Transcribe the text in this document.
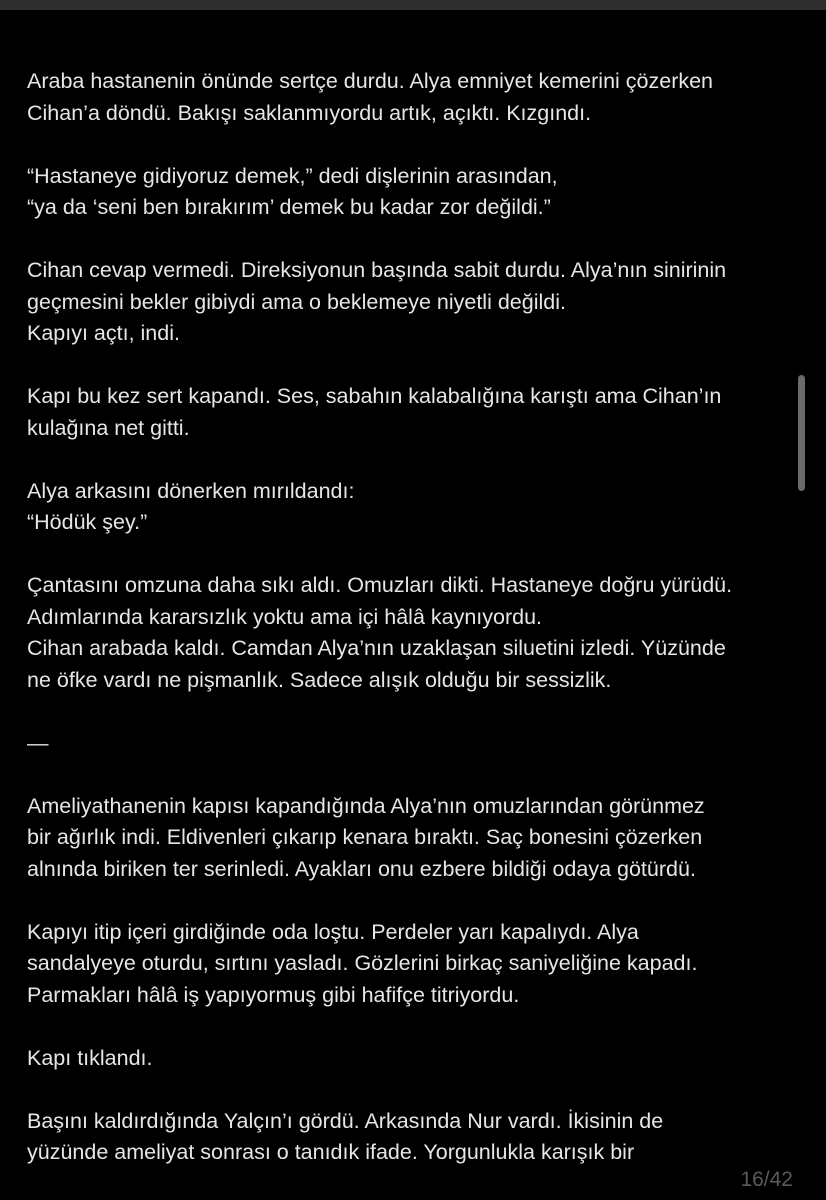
Araba hastanenin önünde sertçe durdu. Alya emniyet kemerini çözerken
Cihan’a döndü. Bakışı saklanmıyordu artık, açıktı. Kızgındı.

“Hastaneye gidiyoruz demek,” dedi dişlerinin arasından,
“ya da ‘seni ben bırakırım’ demek bu kadar zor değildi.”

Cihan cevap vermedi. Direksiyonun başında sabit durdu. Alya’nın sinirinin
geçmesini bekler gibiydi ama o beklemeye niyetli değildi.
Kapıyı açtı, indi.

Kapı bu kez sert kapandı. Ses, sabahın kalabalığına karıştı ama Cihan’ın
kulağına net gitti.

Alya arkasını dönerken mırıldandı:
“Hödük şey.”

Çantasını omzuna daha sıkı aldı. Omuzları dikti. Hastaneye doğru yürüdü.
Adımlarında kararsızlık yoktu ama içi hâlâ kaynıyordu.
Cihan arabada kaldı. Camdan Alya’nın uzaklaşan siluetini izledi. Yüzünde
ne öfke vardı ne pişmanlık. Sadece alışık olduğu bir sessizlik.

—

Ameliyathanenin kapısı kapandığında Alya’nın omuzlarından görünmez
bir ağırlık indi. Eldivenleri çıkarıp kenara bıraktı. Saç bonesini çözerken
alnında biriken ter serinledi. Ayakları onu ezbere bildiği odaya götürdü.

Kapıyı itip içeri girdiğinde oda loştu. Perdeler yarı kapalıydı. Alya
sandalyeye oturdu, sırtını yasladı. Gözlerini birkaç saniyeliğine kapadı.
Parmakları hâlâ iş yapıyormuş gibi hafifçe titriyordu.

Kapı tıklandı.

Başını kaldırdığında Yalçın’ı gördü. Arkasında Nur vardı. İkisinin de
yüzünde ameliyat sonrası o tanıdık ifade. Yorgunlukla karışık bir

16/42
